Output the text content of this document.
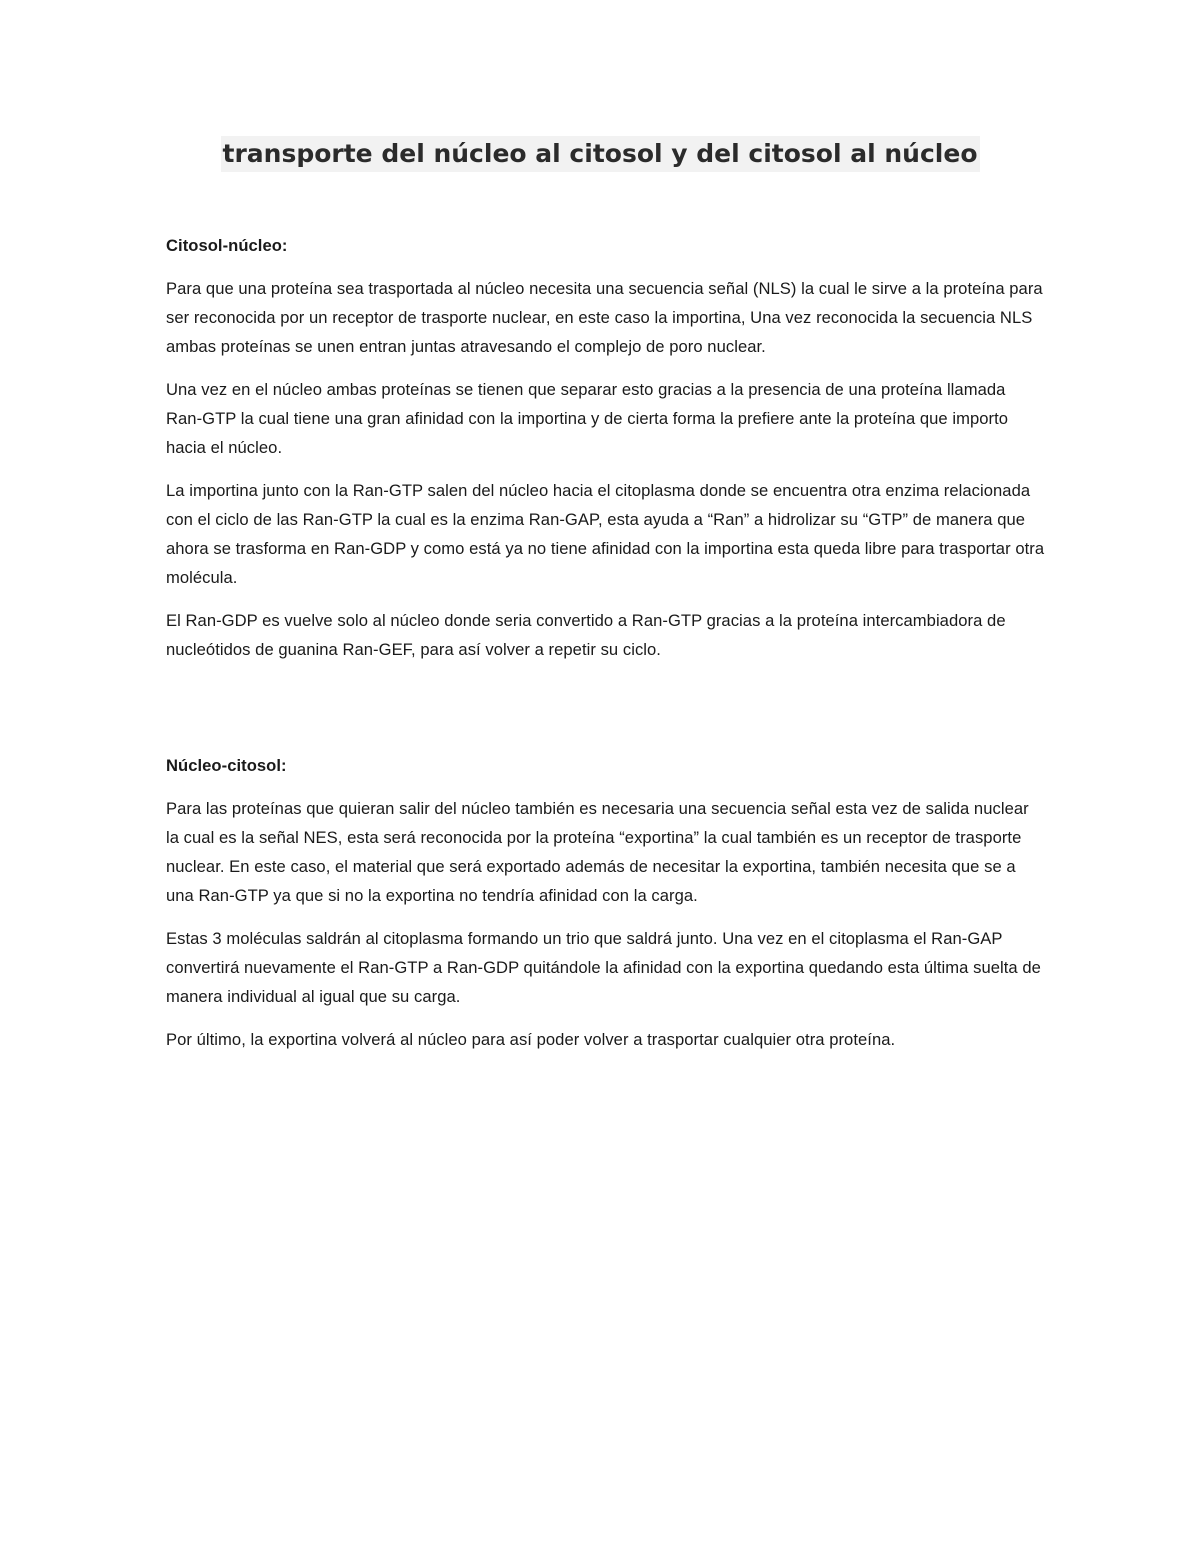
transporte del núcleo al citosol y del citosol al núcleo

Citosol-núcleo:

Para que una proteína sea trasportada al núcleo necesita una secuencia señal (NLS) la cual le sirve a la proteína para ser reconocida por un receptor de trasporte nuclear, en este caso la importina, Una vez reconocida la secuencia NLS ambas proteínas se unen entran juntas atravesando el complejo de poro nuclear.

Una vez en el núcleo ambas proteínas se tienen que separar esto gracias a la presencia de una proteína llamada Ran-GTP la cual tiene una gran afinidad con la importina y de cierta forma la prefiere ante la proteína que importo hacia el núcleo.

La importina junto con la Ran-GTP salen del núcleo hacia el citoplasma donde se encuentra otra enzima relacionada con el ciclo de las Ran-GTP la cual es la enzima Ran-GAP, esta ayuda a “Ran” a hidrolizar su “GTP” de manera que ahora se trasforma en Ran-GDP y como está ya no tiene afinidad con la importina esta queda libre para trasportar otra molécula.

El Ran-GDP es vuelve solo al núcleo donde seria convertido a Ran-GTP gracias a la proteína intercambiadora de nucleótidos de guanina Ran-GEF, para así volver a repetir su ciclo.

Núcleo-citosol:

Para las proteínas que quieran salir del núcleo también es necesaria una secuencia señal esta vez de salida nuclear la cual es la señal NES, esta será reconocida por la proteína “exportina” la cual también es un receptor de trasporte nuclear. En este caso, el material que será exportado además de necesitar la exportina, también necesita que se a una Ran-GTP ya que si no la exportina no tendría afinidad con la carga.

Estas 3 moléculas saldrán al citoplasma formando un trio que saldrá junto. Una vez en el citoplasma el Ran-GAP convertirá nuevamente el Ran-GTP a Ran-GDP quitándole la afinidad con la exportina quedando esta última suelta de manera individual al igual que su carga.

Por último, la exportina volverá al núcleo para así poder volver a trasportar cualquier otra proteína.
